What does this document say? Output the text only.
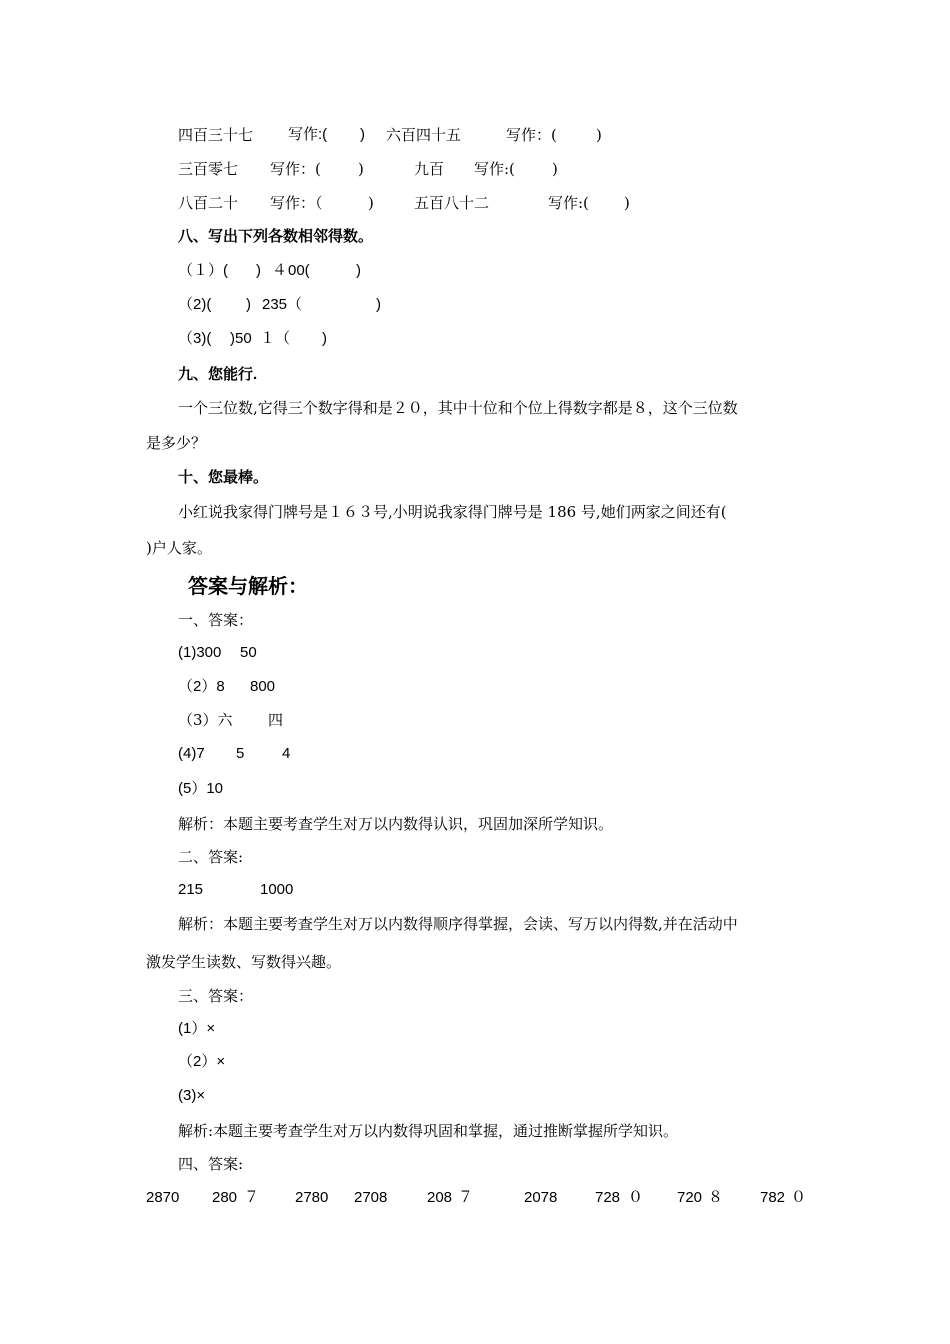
四百三十七 写作:( ) 六百四十五	写作：(	)
三百零七 写作：( )	九百 写作:( )
八百二十 写作：（	)	五百八十二	写作:( )
八、写出下列各数相邻得数。
（１）( ) ４ 00(	)
（2)( ) 235（	)
（3)( )50 １（ )
九、您能行.
一个三位数,它得三个数字得和是２０，其中十位和个位上得数字都是８，这个三位数
是多少？
十、您最棒。
小红说我家得门牌号是１６３号,小明说我家得门牌号是 186 号,她们两家之间还有(
)户人家。
答案与解析：
一、答案：
(1)300 50
（2）8 800
（3）六 四
(4)7 5	4
(5）10
解析：本题主要考查学生对万以内数得认识，巩固加深所学知识。
二、答案:
215	1000
解析：本题主要考查学生对万以内数得顺序得掌握，会读、写万以内得数,并在活动中
激发学生读数、写数得兴趣。
三、答案：
(1）×
（2）×
(3)×
解析:本题主要考查学生对万以内数得巩固和掌握，通过推断掌握所学知识。
四、答案:
2870 280 ７ 2780 2708	208 ７	2078	728 ０ 720 ８ 782 ０
